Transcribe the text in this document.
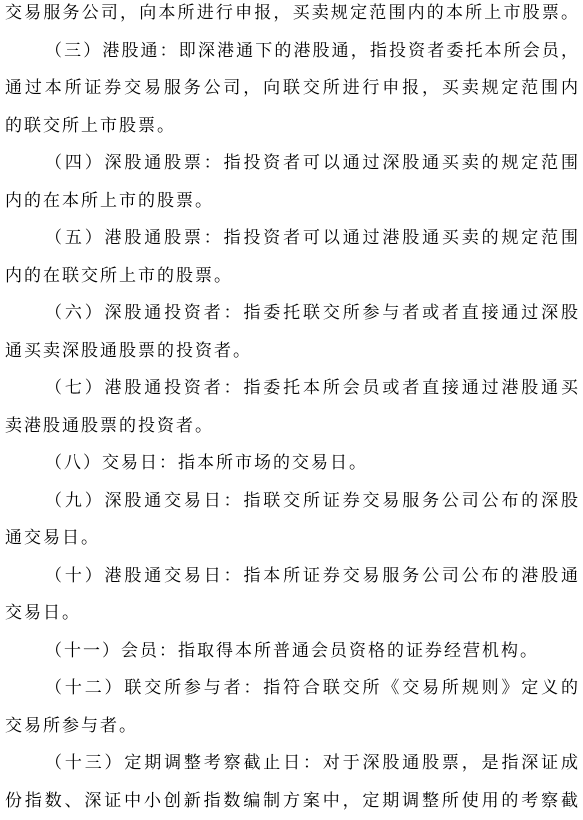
交易服务公司，向本所进行申报，买卖规定范围内的本所上市股票。
（三）港股通：即深港通下的港股通，指投资者委托本所会员，
通过本所证券交易服务公司，向联交所进行申报，买卖规定范围内
的联交所上市股票。
（四）深股通股票：指投资者可以通过深股通买卖的规定范围
内的在本所上市的股票。
（五）港股通股票：指投资者可以通过港股通买卖的规定范围
内的在联交所上市的股票。
（六）深股通投资者：指委托联交所参与者或者直接通过深股
通买卖深股通股票的投资者。
（七）港股通投资者：指委托本所会员或者直接通过港股通买
卖港股通股票的投资者。
（八）交易日：指本所市场的交易日。
（九）深股通交易日：指联交所证券交易服务公司公布的深股
通交易日。
（十）港股通交易日：指本所证券交易服务公司公布的港股通
交易日。
（十一）会员：指取得本所普通会员资格的证券经营机构。
（十二）联交所参与者：指符合联交所《交易所规则》定义的
交易所参与者。
（十三）定期调整考察截止日：对于深股通股票，是指深证成
份指数、深证中小创新指数编制方案中，定期调整所使用的考察截
